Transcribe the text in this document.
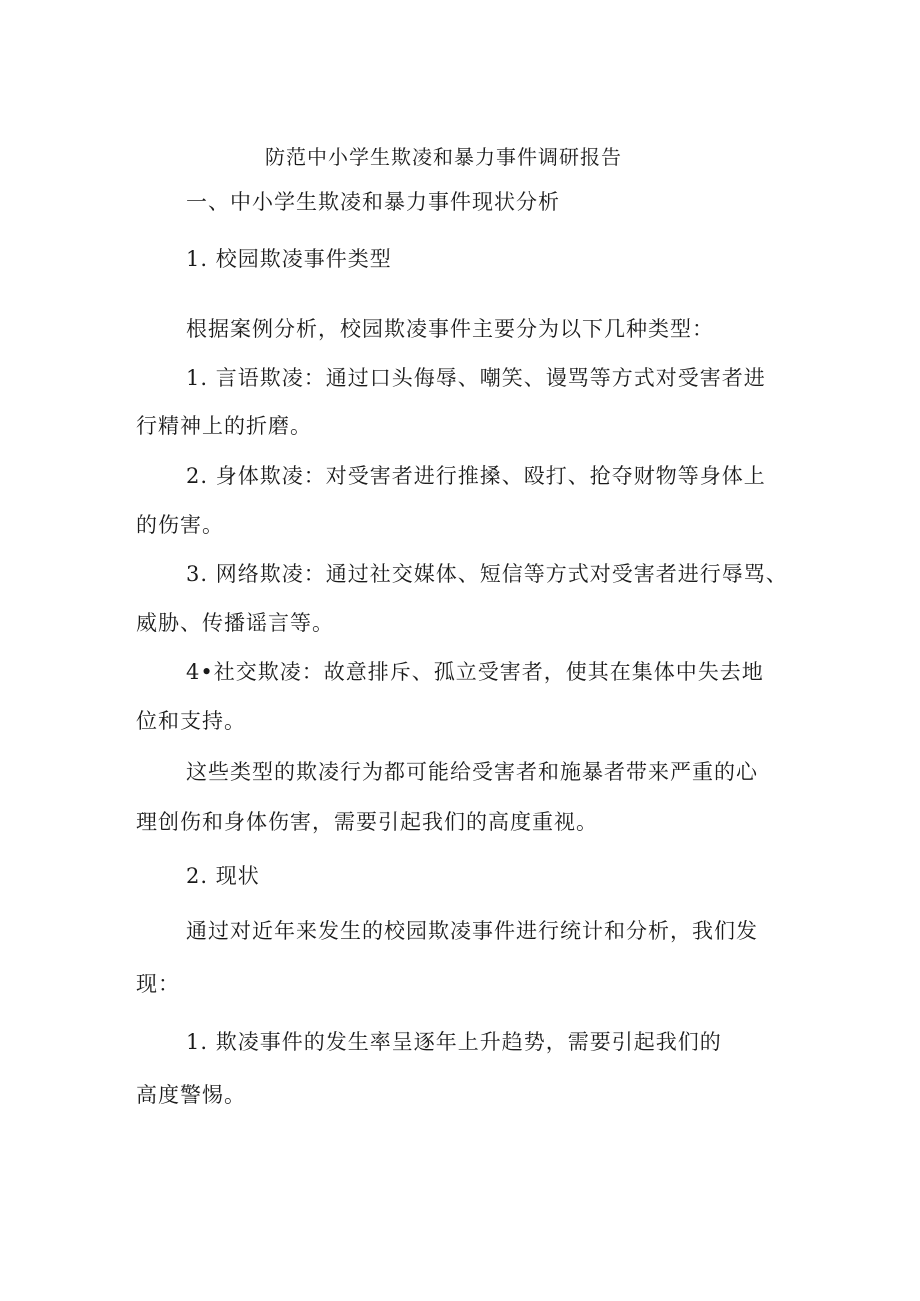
防范中小学生欺凌和暴力事件调研报告
一、中小学生欺凌和暴力事件现状分析
1. 校园欺凌事件类型
根据案例分析，校园欺凌事件主要分为以下几种类型：
1. 言语欺凌：通过口头侮辱、嘲笑、谩骂等方式对受害者进
行精神上的折磨。
2. 身体欺凌：对受害者进行推搡、殴打、抢夺财物等身体上
的伤害。
3. 网络欺凌：通过社交媒体、短信等方式对受害者进行辱骂、
威胁、传播谣言等。
4•社交欺凌：故意排斥、孤立受害者，使其在集体中失去地
位和支持。
这些类型的欺凌行为都可能给受害者和施暴者带来严重的心
理创伤和身体伤害，需要引起我们的高度重视。
2. 现状
通过对近年来发生的校园欺凌事件进行统计和分析，我们发
现：
1. 欺凌事件的发生率呈逐年上升趋势，需要引起我们的
高度警惕。
